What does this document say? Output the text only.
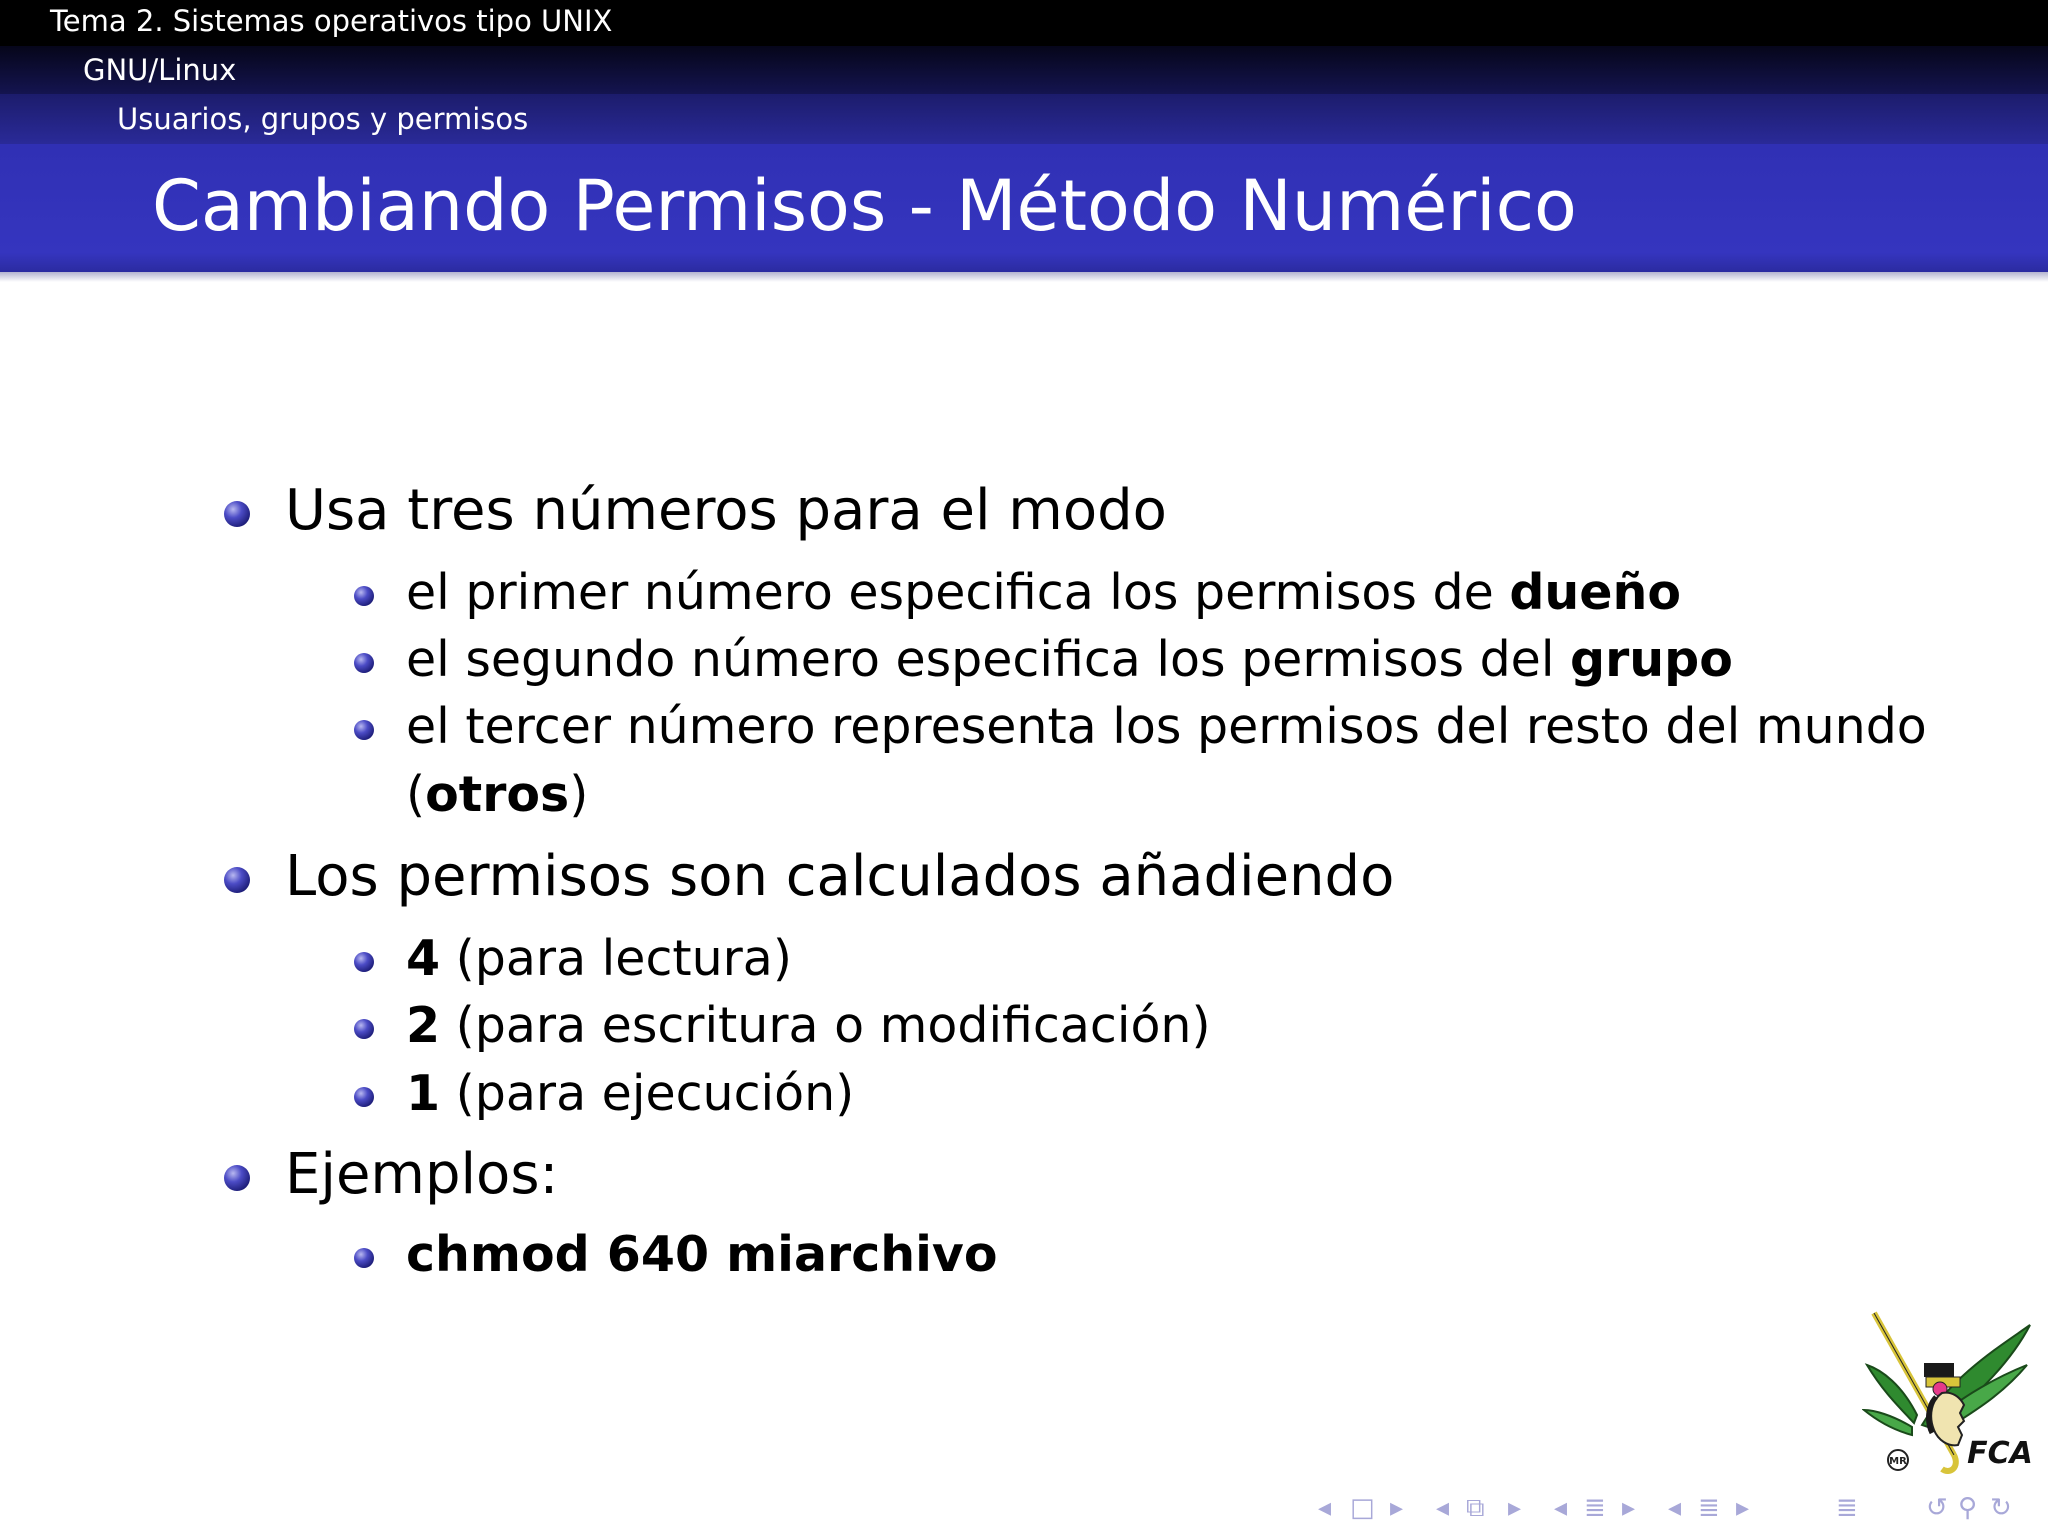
Tema 2. Sistemas operativos tipo UNIX
GNU/Linux
Usuarios, grupos y permisos
Cambiando Permisos - Método Numérico
Usa tres números para el modo
el primer número especifica los permisos de dueño
el segundo número especifica los permisos del grupo
el tercer número representa los permisos del resto del mundo
(otros)
Los permisos son calculados añadiendo
4 (para lectura)
2 (para escritura o modificación)
1 (para ejecución)
Ejemplos:
chmod 640 miarchivo
MR FCA
◂ □ ▸ ◂ ⧉ ▸ ◂ ≣ ▸ ◂ ≣ ▸	≣	↺ ⚲ ↻
